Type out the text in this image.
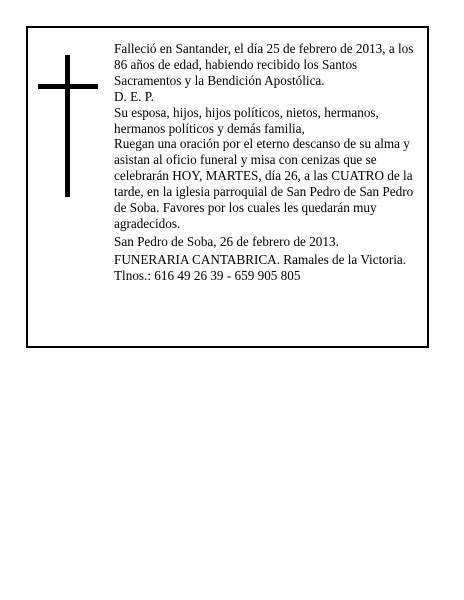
Falleció en Santander, el día 25 de febrero de 2013, a los 86 años de edad, habiendo recibido los Santos Sacramentos y la Bendición Apostólica.

D. E. P.

Su esposa, hijos, hijos políticos, nietos, hermanos, hermanos políticos y demás familia,

Ruegan una oración por el eterno descanso de su alma y asistan al oficio funeral y misa con cenizas que se celebrarán HOY, MARTES, día 26, a las CUATRO de la tarde, en la iglesia parroquial de San Pedro de San Pedro de Soba. Favores por los cuales les quedarán muy agradecidos.

San Pedro de Soba, 26 de febrero de 2013.

FUNERARIA CANTABRICA. Ramales de la Victoria.

Tlnos.: 616 49 26 39 - 659 905 805
